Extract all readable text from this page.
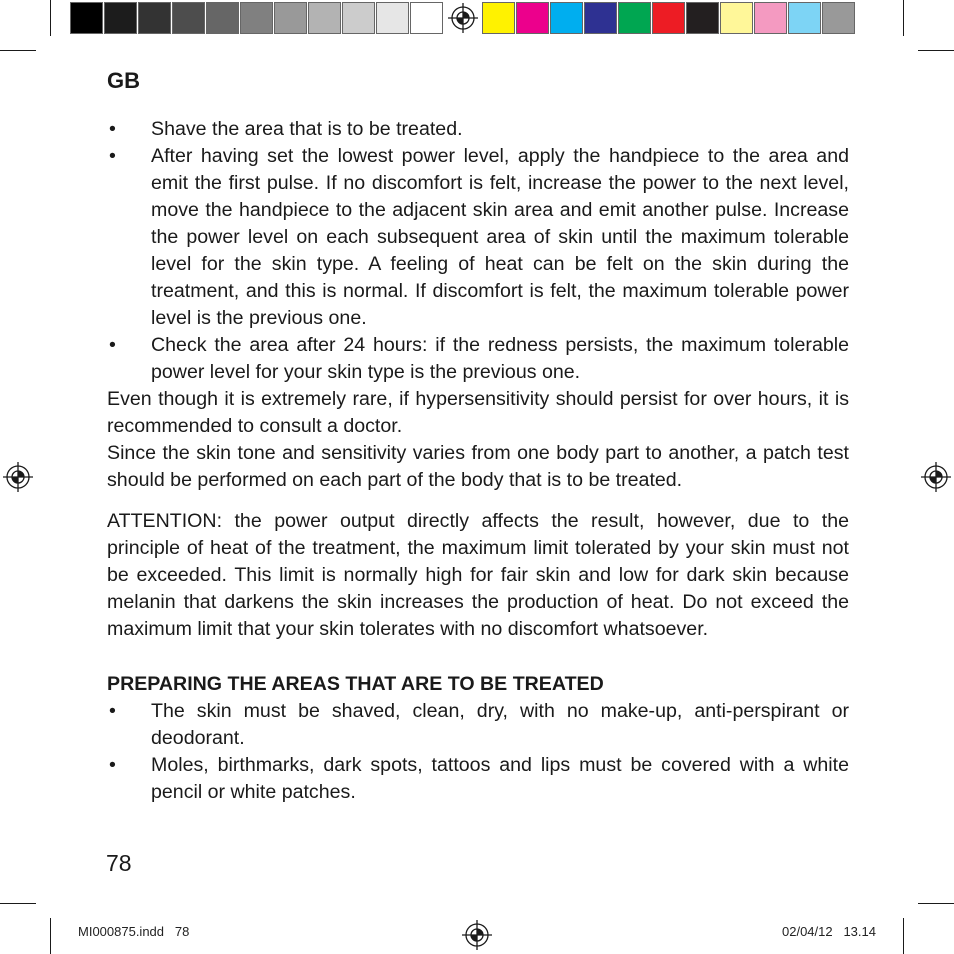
GB
•	Shave the area that is to be treated.
•	After having set the lowest power level, apply the handpiece to the area and emit the first pulse. If no discomfort is felt, increase the power to the next level, move the handpiece to the adjacent skin area and emit another pulse. Increase the power level on each subsequent area of skin until the maximum tolerable level for the skin type. A feeling of heat can be felt on the skin during the treatment, and this is normal. If discomfort is felt, the maximum tolerable power level is the previous one.
•	Check the area after 24 hours: if the redness persists, the maximum tolerable power level for your skin type is the previous one.
Even though it is extremely rare, if hypersensitivity should persist for over hours, it is recommended to consult a doctor.
Since the skin tone and sensitivity varies from one body part to another, a patch test should be performed on each part of the body that is to be treated.
ATTENTION: the power output directly affects the result, however, due to the principle of heat of the treatment, the maximum limit tolerated by your skin must not be exceeded. This limit is normally high for fair skin and low for dark skin because melanin that darkens the skin increases the production of heat. Do not exceed the maximum limit that your skin tolerates with no discomfort whatsoever.
PREPARING THE AREAS THAT ARE TO BE TREATED
•	The skin must be shaved, clean, dry, with no make-up, anti-perspirant or deodorant.
•	Moles, birthmarks, dark spots, tattoos and lips must be covered with a white pencil or white patches.
78
MI000875.indd   78	02/04/12   13.14
